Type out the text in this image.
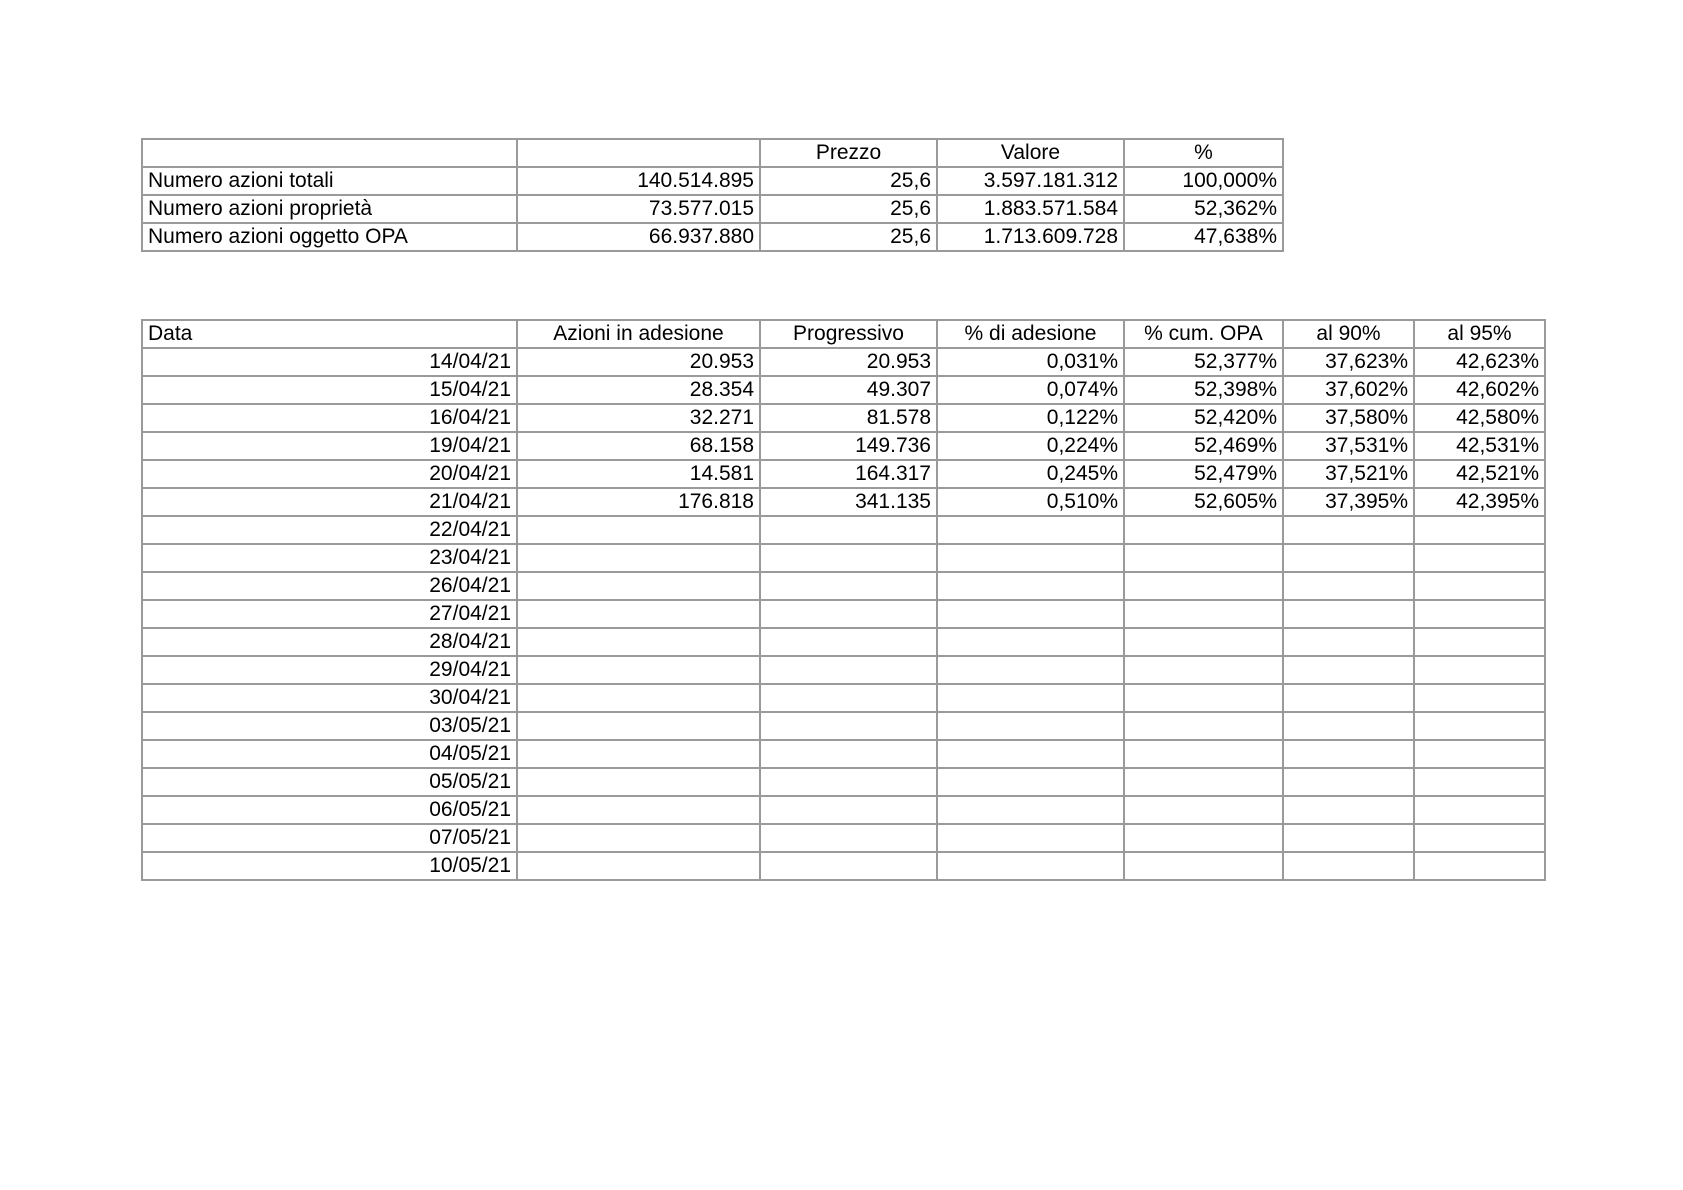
		Prezzo	Valore	%
Numero azioni totali	140.514.895	25,6	3.597.181.312	100,000%
Numero azioni proprietà	73.577.015	25,6	1.883.571.584	52,362%
Numero azioni oggetto OPA	66.937.880	25,6	1.713.609.728	47,638%
Data	Azioni in adesione	Progressivo	% di adesione	% cum. OPA	al 90%	al 95%
14/04/21	20.953	20.953	0,031%	52,377%	37,623%	42,623%
15/04/21	28.354	49.307	0,074%	52,398%	37,602%	42,602%
16/04/21	32.271	81.578	0,122%	52,420%	37,580%	42,580%
19/04/21	68.158	149.736	0,224%	52,469%	37,531%	42,531%
20/04/21	14.581	164.317	0,245%	52,479%	37,521%	42,521%
21/04/21	176.818	341.135	0,510%	52,605%	37,395%	42,395%
22/04/21						
23/04/21						
26/04/21						
27/04/21						
28/04/21						
29/04/21						
30/04/21						
03/05/21						
04/05/21						
05/05/21						
06/05/21						
07/05/21						
10/05/21						
